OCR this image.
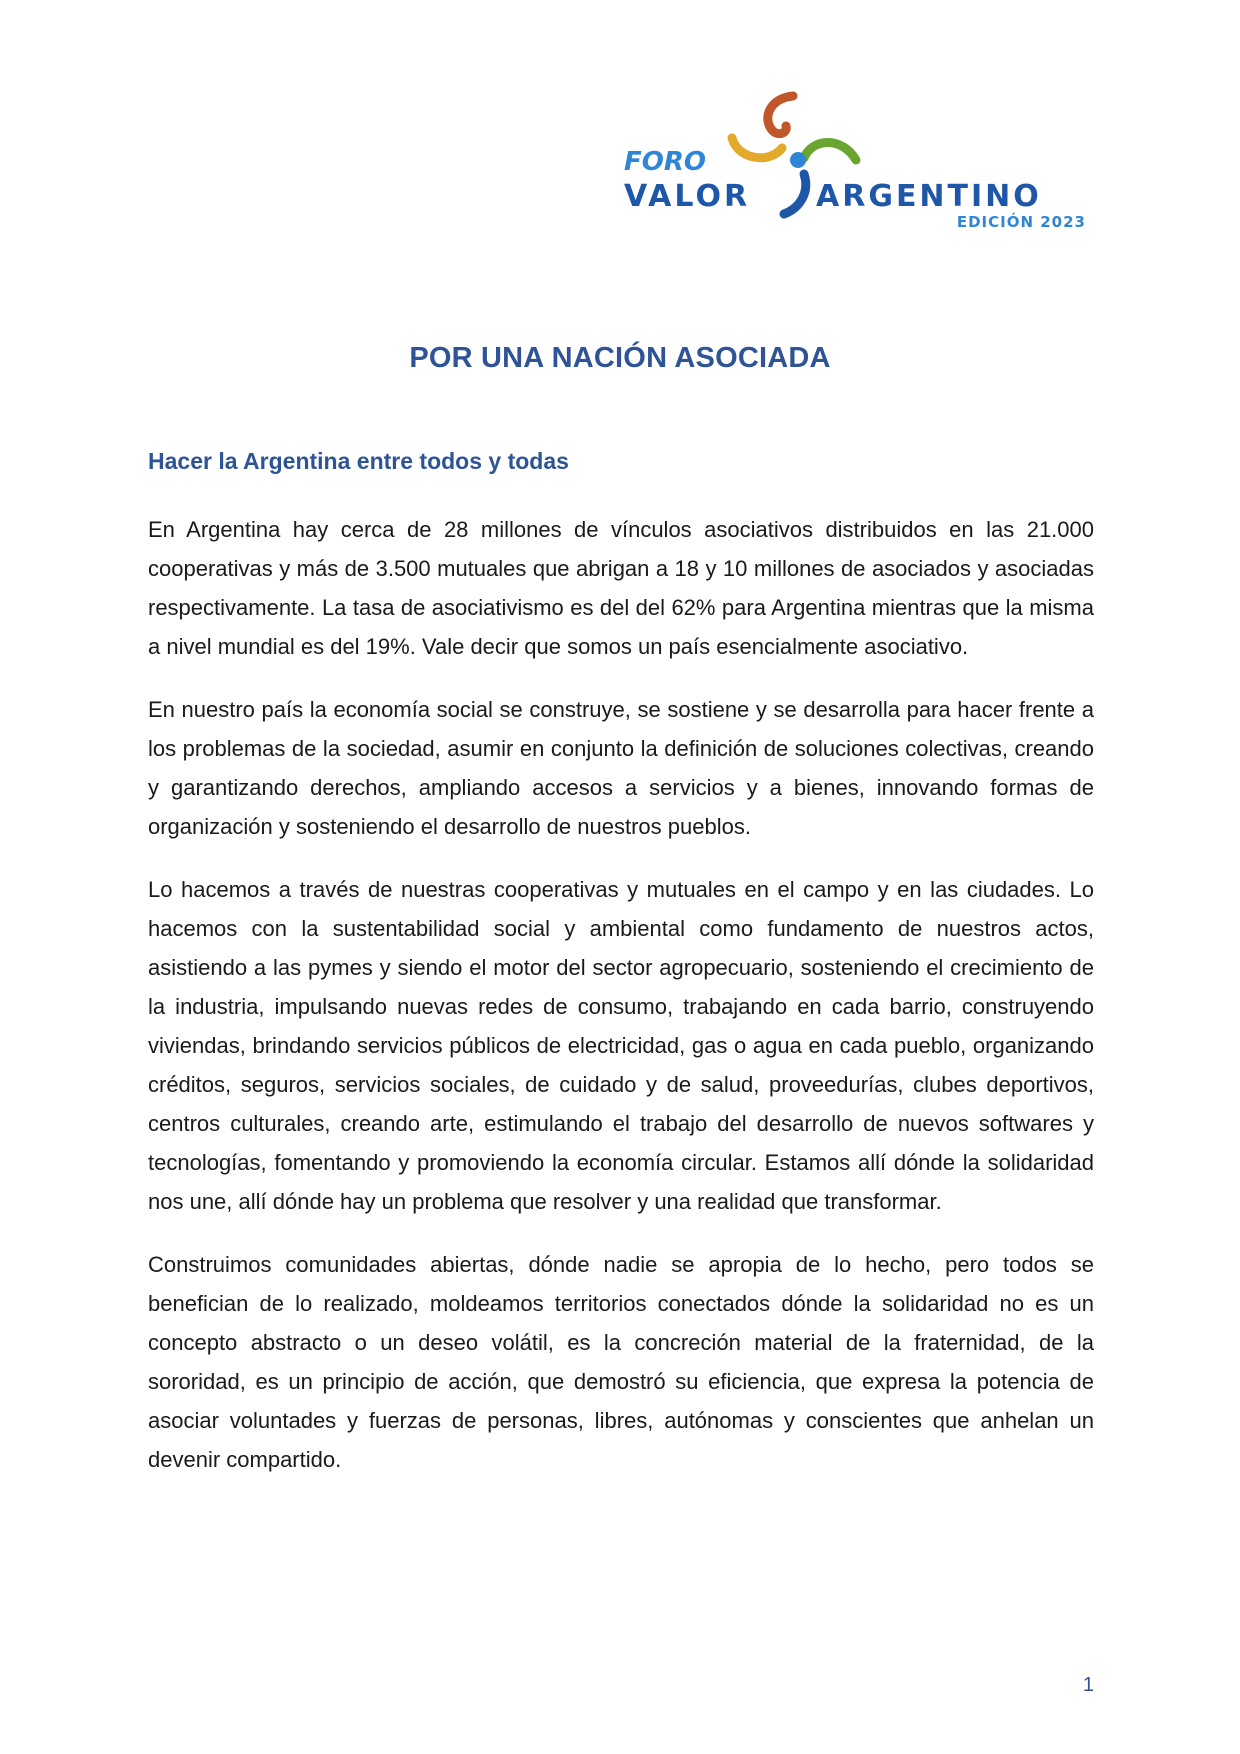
FORO
VALOR ARGENTINO
EDICIÓN 2023
POR UNA NACIÓN ASOCIADA
Hacer la Argentina entre todos y todas

En Argentina hay cerca de 28 millones de vínculos asociativos distribuidos en las 21.000 cooperativas y más de 3.500 mutuales que abrigan a 18 y 10 millones de asociados y asociadas respectivamente. La tasa de asociativismo es del del 62% para Argentina mientras que la misma a nivel mundial es del 19%. Vale decir que somos un país esencialmente asociativo.

En nuestro país la economía social se construye, se sostiene y se desarrolla para hacer frente a los problemas de la sociedad, asumir en conjunto la definición de soluciones colectivas, creando y garantizando derechos, ampliando accesos a servicios y a bienes, innovando formas de organización y sosteniendo el desarrollo de nuestros pueblos.

Lo hacemos a través de nuestras cooperativas y mutuales en el campo y en las ciudades. Lo hacemos con la sustentabilidad social y ambiental como fundamento de nuestros actos, asistiendo a las pymes y siendo el motor del sector agropecuario, sosteniendo el crecimiento de la industria, impulsando nuevas redes de consumo, trabajando en cada barrio, construyendo viviendas, brindando servicios públicos de electricidad, gas o agua en cada pueblo, organizando créditos, seguros, servicios sociales, de cuidado y de salud, proveedurías, clubes deportivos, centros culturales, creando arte, estimulando el trabajo del desarrollo de nuevos softwares y tecnologías, fomentando y promoviendo la economía circular. Estamos allí dónde la solidaridad nos une, allí dónde hay un problema que resolver y una realidad que transformar.

Construimos comunidades abiertas, dónde nadie se apropia de lo hecho, pero todos se benefician de lo realizado, moldeamos territorios conectados dónde la solidaridad no es un concepto abstracto o un deseo volátil, es la concreción material de la fraternidad, de la sororidad, es un principio de acción, que demostró su eficiencia, que expresa la potencia de asociar voluntades y fuerzas de personas, libres, autónomas y conscientes que anhelan un devenir compartido.

1
